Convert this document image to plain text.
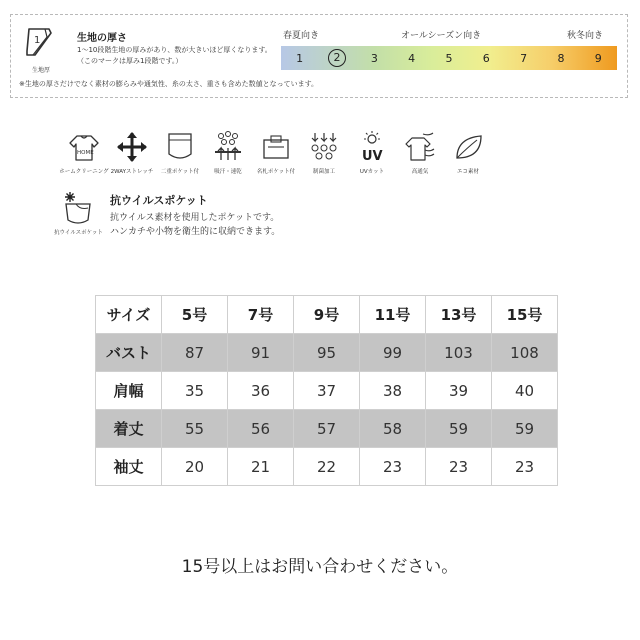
1
生地厚
生地の厚さ
1～10段階生地の厚みがあり、数が大きいほど厚くなります。
（このマークは厚み1段階です。）
春夏向き	オールシーズン向き	秋冬向き
1	2	3	4	5	6	7	8	9
※生地の厚さだけでなく素材の膨らみや通気性、糸の太さ、重さも含めた数値となっています。
HOME
ホームクリーニング 2WAYストレッチ 二重ポケット付	吸汗・速乾	名札ポケット付	制菌加工
UV
UVカット	高通気	エコ素材
抗ウイルスポケット
抗ウイルスポケット
抗ウイルス素材を使用したポケットです。
ハンカチや小物を衛生的に収納できます。
サイズ	5号	7号	9号	11号	13号	15号
バスト	87	91	95	99	103	108
肩幅	35	36	37	38	39	40
着丈	55	56	57	58	59	59
袖丈	20	21	22	23	23	23
15号以上はお問い合わせください。
